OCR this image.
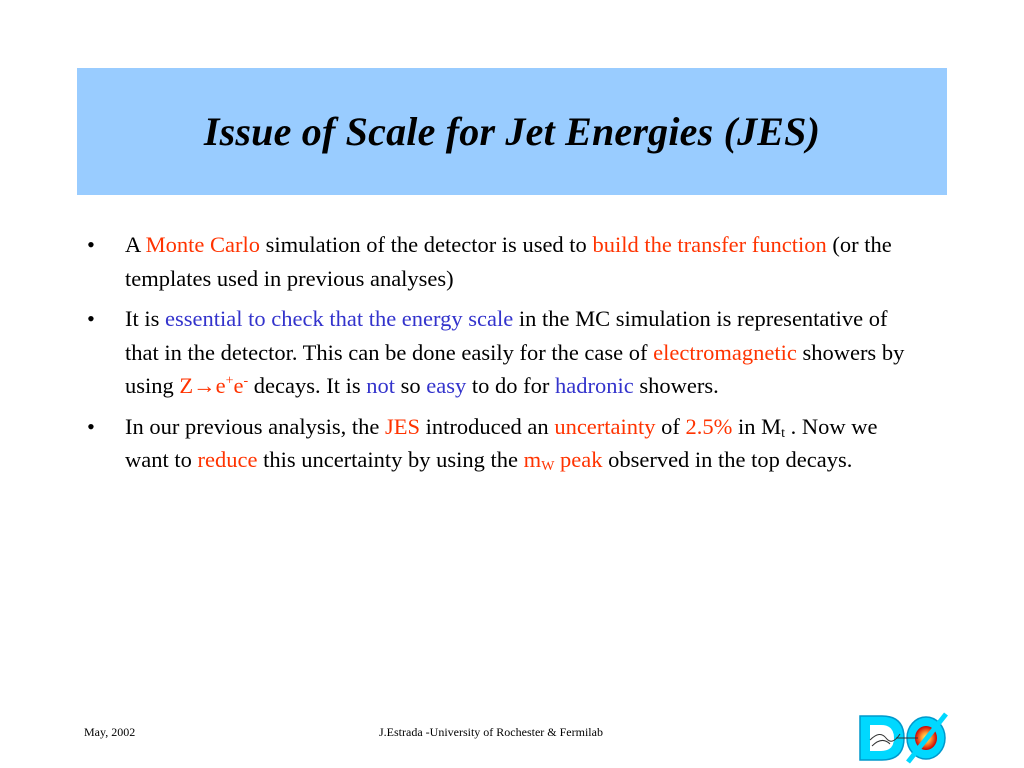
Issue of Scale for Jet Energies (JES)
• A Monte Carlo simulation of the detector is used to build the transfer function (or the templates used in previous analyses)
• It is essential to check that the energy scale in the MC simulation is representative of that in the detector. This can be done easily for the case of electromagnetic showers by using Z→e+e- decays. It is not so easy to do for hadronic showers.
• In our previous analysis, the JES introduced an uncertainty of 2.5% in $M_t$ . Now we want to reduce this uncertainty by using the $m_W$ peak observed in the top decays.
May, 2002	J.Estrada -University of Rochester & Fermilab
